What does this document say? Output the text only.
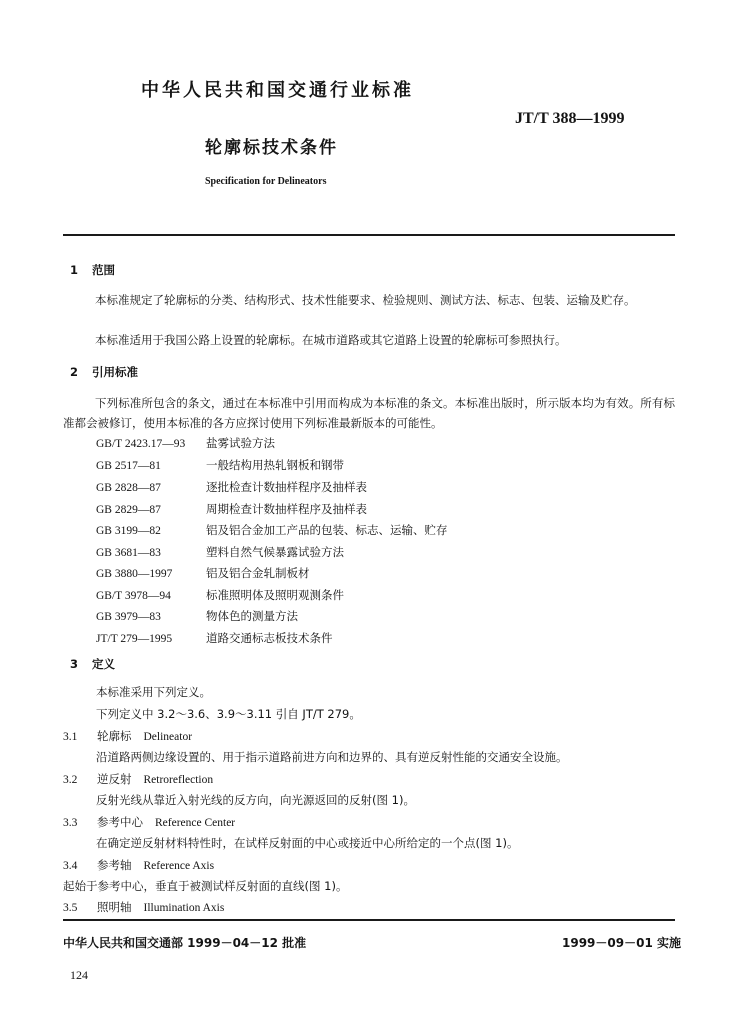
中华人民共和国交通行业标准
JT/T 388—1999
轮廓标技术条件
Specification for Delineators
1 范围
本标准规定了轮廓标的分类、结构形式、技术性能要求、检验规则、测试方法、标志、包装、运输及贮存。
本标准适用于我国公路上设置的轮廓标。在城市道路或其它道路上设置的轮廓标可参照执行。
2 引用标准
下列标准所包含的条文，通过在本标准中引用而构成为本标准的条文。本标准出版时，所示版本均为有效。所有标准都会被修订，使用本标准的各方应探讨使用下列标准最新版本的可能性。
GB/T 2423.17—93 盐雾试验方法
GB 2517—81	一般结构用热轧钢板和钢带
GB 2828—87	逐批检查计数抽样程序及抽样表
GB 2829—87	周期检查计数抽样程序及抽样表
GB 3199—82	铝及铝合金加工产品的包装、标志、运输、贮存
GB 3681—83	塑料自然气候暴露试验方法
GB 3880—1997	铝及铝合金轧制板材
GB/T 3978—94	标准照明体及照明观测条件
GB 3979—83	物体色的测量方法
JT/T 279—1995	道路交通标志板技术条件
3 定义
本标准采用下列定义。
下列定义中 3.2～3.6、3.9～3.11 引自 JT/T 279。
3.1 轮廓标 Delineator
沿道路两侧边缘设置的、用于指示道路前进方向和边界的、具有逆反射性能的交通安全设施。
3.2 逆反射 Retroreflection
反射光线从靠近入射光线的反方向，向光源返回的反射(图 1)。
3.3 参考中心 Reference Center
在确定逆反射材料特性时，在试样反射面的中心或接近中心所给定的一个点(图 1)。
3.4 参考轴 Reference Axis
起始于参考中心，垂直于被测试样反射面的直线(图 1)。
3.5 照明轴 Illumination Axis
中华人民共和国交通部 1999－04－12 批准	1999－09－01 实施
124
